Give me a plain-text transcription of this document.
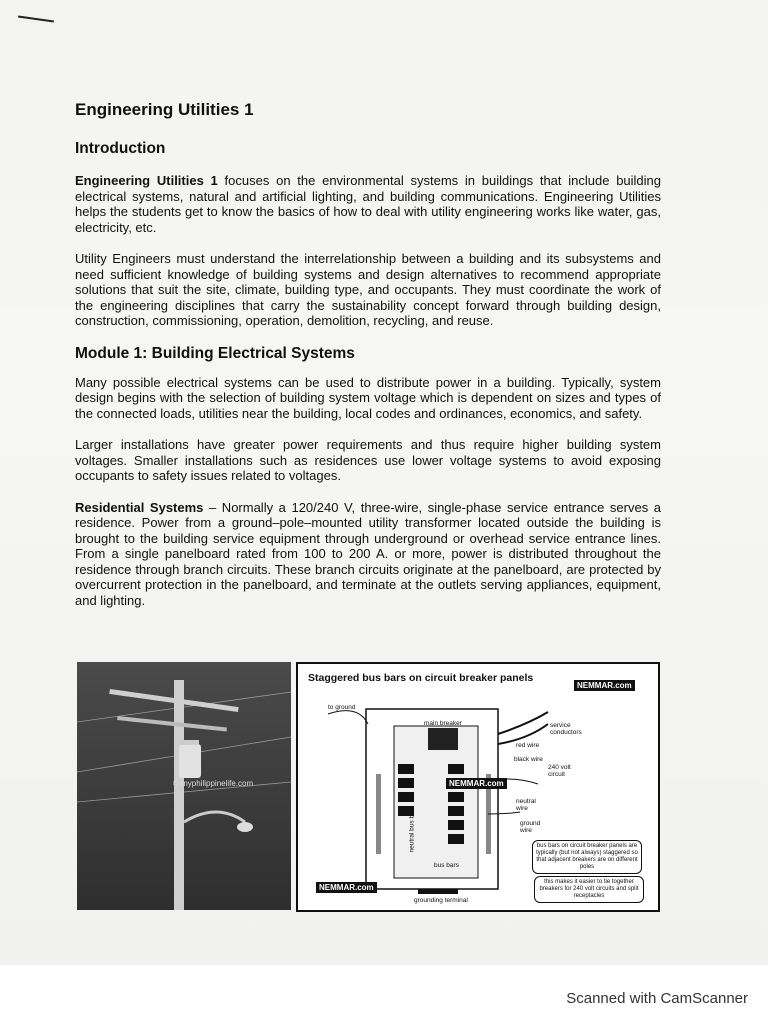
Engineering Utilities 1
Introduction

Engineering Utilities 1 focuses on the environmental systems in buildings that include building electrical systems, natural and artificial lighting, and building communications. Engineering Utilities helps the students get to know the basics of how to deal with utility engineering works like water, gas, electricity, etc.

Utility Engineers must understand the interrelationship between a building and its subsystems and need sufficient knowledge of building systems and design alternatives to recommend appropriate solutions that suit the site, climate, building type, and occupants. They must coordinate the work of the engineering disciplines that carry the sustainability concept forward through building design, construction, commissioning, operation, demolition, recycling, and reuse.

Module 1: Building Electrical Systems

Many possible electrical systems can be used to distribute power in a building. Typically, system design begins with the selection of building system voltage which is dependent on sizes and types of the connected loads, utilities near the building, local codes and ordinances, economics, and safety.

Larger installations have greater power requirements and thus require higher building system voltages. Smaller installations such as residences use lower voltage systems to avoid exposing occupants to safety issues related to voltages.

Residential Systems – Normally a 120/240 V, three-wire, single-phase service entrance serves a residence. Power from a ground–pole–mounted utility transformer located outside the building is brought to the building service equipment through underground or overhead service entrance lines. From a single panelboard rated from 100 to 200 A. or more, power is distributed throughout the residence through branch circuits. These branch circuits originate at the panelboard, are protected by overcurrent protection in the panelboard, and terminate at the outlets serving appliances, equipment, and lighting.

© myphilippinelife.com
Staggered bus bars on circuit breaker panels
NEMMAR.com
to ground
main breaker	service conductors
red wire
black wire
240 volt circuit
neutral wire
ground wire
neutral bus bar
bus bars
grounding terminal
bus bars on circuit breaker panels are typically (but not always) staggered so that adjacent breakers are on different poles
this makes it easier to tie together breakers for 240 volt circuits and split receptacles
NEMMAR.com
NEMMAR.com
Scanned with CamScanner
